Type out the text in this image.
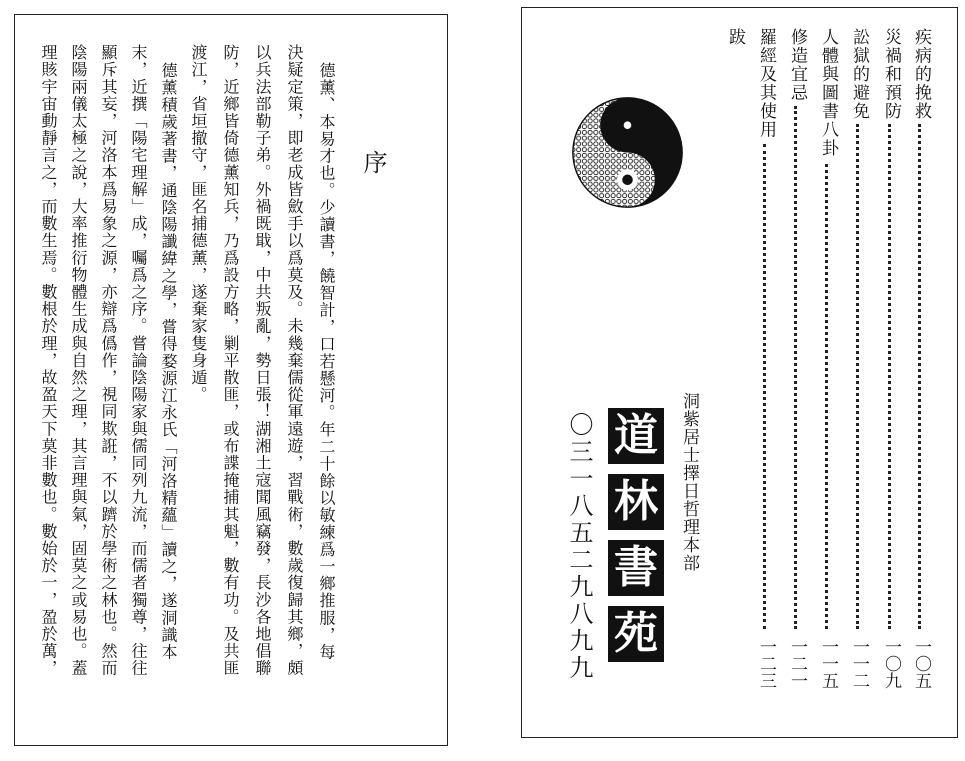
序
德薰、本易才也。少讀書，饒智計，口若懸河。年二十餘以敏練爲一鄉推服，每
決疑定策，即老成皆斂手以爲莫及。未幾棄儒從軍遠遊，習戰術，數歲復歸其鄉，頗
以兵法部勒子弟。外禍既戢，中共叛亂，勢日張！湖湘土寇聞風竊發，長沙各地倡聯
防，近鄉皆倚德薰知兵，乃爲設方略，剿平散匪，或布諜掩捕其魁，數有功。及共匪
渡江，省垣撤守，匪名捕德薰，遂棄家隻身遁。
德薰積歲著書，通陰陽讖緯之學，嘗得婺源江永氏「河洛精蘊」讀之，遂洞識本
末，近撰「陽宅理解」成，囑爲之序。嘗論陰陽家與儒同列九流，而儒者獨尊，往往
顯斥其妄，河洛本爲易象之源，亦辯爲僞作，視同欺誑，不以躋於學術之林也。然而
陰陽兩儀太極之說，大率推衍物體生成與自然之理，其言理與氣，固莫之或易也。蓋
理賅宇宙動靜言之，而數生焉。數根於理，故盈天下莫非數也。數始於一，盈於萬，	疾病的挽救
一〇五
災禍和預防
一〇九
訟獄的避免
一一二
人體與圖書八卦
一一五
修造宜忌
一二一
羅經及其使用
一二三
跋
洞紫居士擇日哲理本部
道
林
書
苑
〇三一八五二九八九九
